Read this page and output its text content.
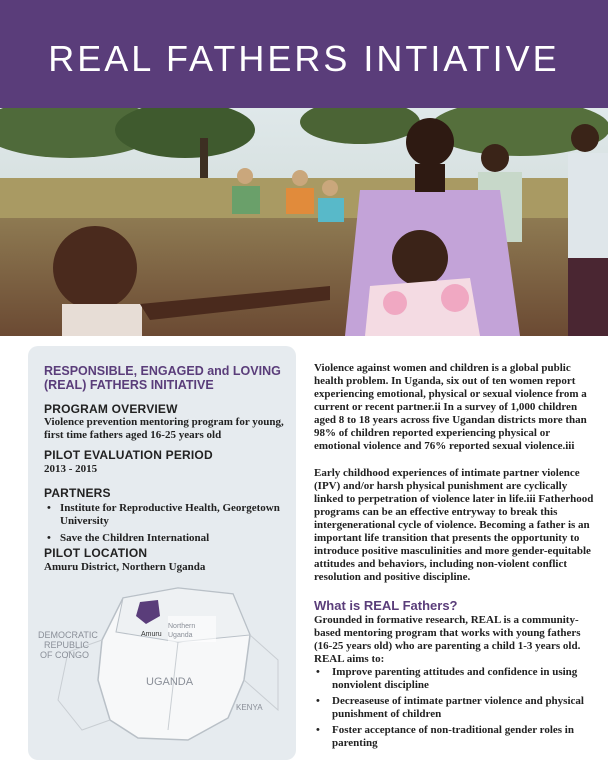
REAL FATHERS INTIATIVE
RESPONSIBLE, ENGAGED and LOVING (REAL) FATHERS INITIATIVE
PROGRAM OVERVIEW
Violence prevention mentoring program for young, first time fathers aged 16-25 years old
PILOT EVALUATION PERIOD
2013 - 2015
PARTNERS
• Institute for Reproductive Health, Georgetown University
• Save the Children International
PILOT LOCATION
Amuru District, Northern Uganda
DEMOCRATIC
REPUBLIC
OF CONGO
Northern
Uganda
Amuru
UGANDA
KENYA
Violence against women and children is a global public health problem. In Uganda, six out of ten women report experiencing emotional, physical or sexual violence from a current or recent partner.ii In a survey of 1,000 children aged 8 to 18 years across five Ugandan districts more than 98% of children reported experiencing physical or emotional violence and 76% reported sexual violence.iii
Early childhood experiences of intimate partner violence (IPV) and/or harsh physical punishment are cyclically linked to perpetration of violence later in life.iii Fatherhood programs can be an effective entryway to break this intergenerational cycle of violence. Becoming a father is an important life transition that presents the opportunity to introduce positive masculinities and more gender-equitable attitudes and behaviors, including non-violent conflict resolution and positive discipline.
What is REAL Fathers?
Grounded in formative research, REAL is a community-based mentoring program that works with young fathers (16-25 years old) who are parenting a child 1-3 years old. REAL aims to:
• Improve parenting attitudes and confidence in using nonviolent discipline
• Decreaseuse of intimate partner violence and physical punishment of children
• Foster acceptance of non-traditional gender roles in parenting
